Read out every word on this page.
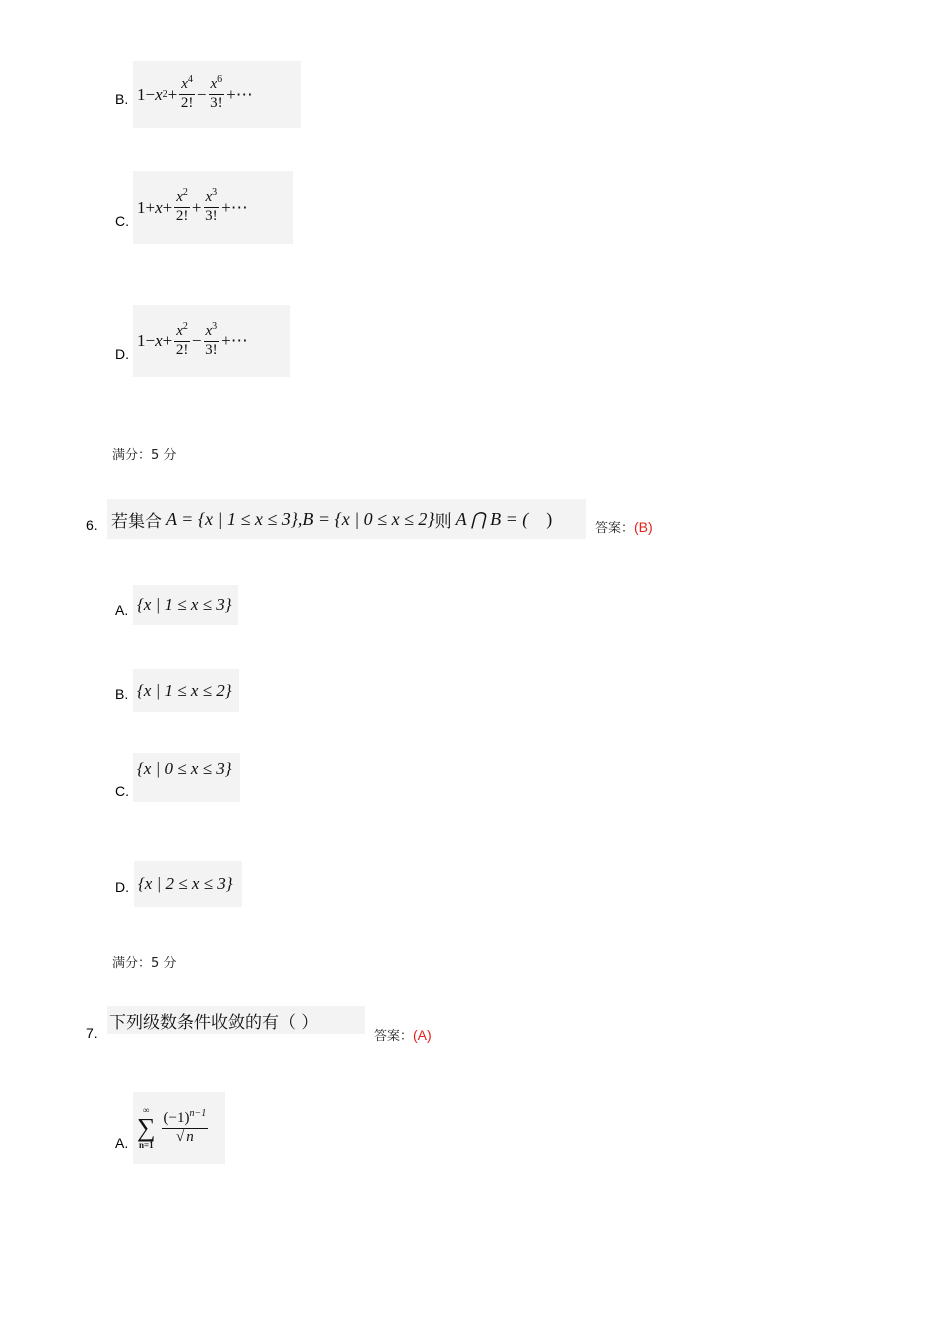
B. 1− x $2 + \frac{x^4}{2!} - \frac{x^6}{3!}$ +⋯
C.
$1+ x + \frac{x^2}{2!} + \frac{x^3}{3!}$ +⋯
D.
$1- x + \frac{x^2}{2!} - \frac{x^3}{3!}$ +⋯
满分：5 分
6. 若集合 A = {x | 1 ≤ x ≤ 3}, B = {x | 0 ≤ x ≤ 2} 则 A ⋂ B = ( )	答案：(B)
A. {x | 1 ≤ x ≤ 3}
B. {x | 1 ≤ x ≤ 2}
C.
{x | 0 ≤ x ≤ 3}
D. {x | 2 ≤ x ≤ 3}
满分：5 分
7.
下列级数条件收敛的有（ ）
答案：(A)
A.
∞
∑
$n=1 \frac{(-1)^{n-1}}{√ n}$
